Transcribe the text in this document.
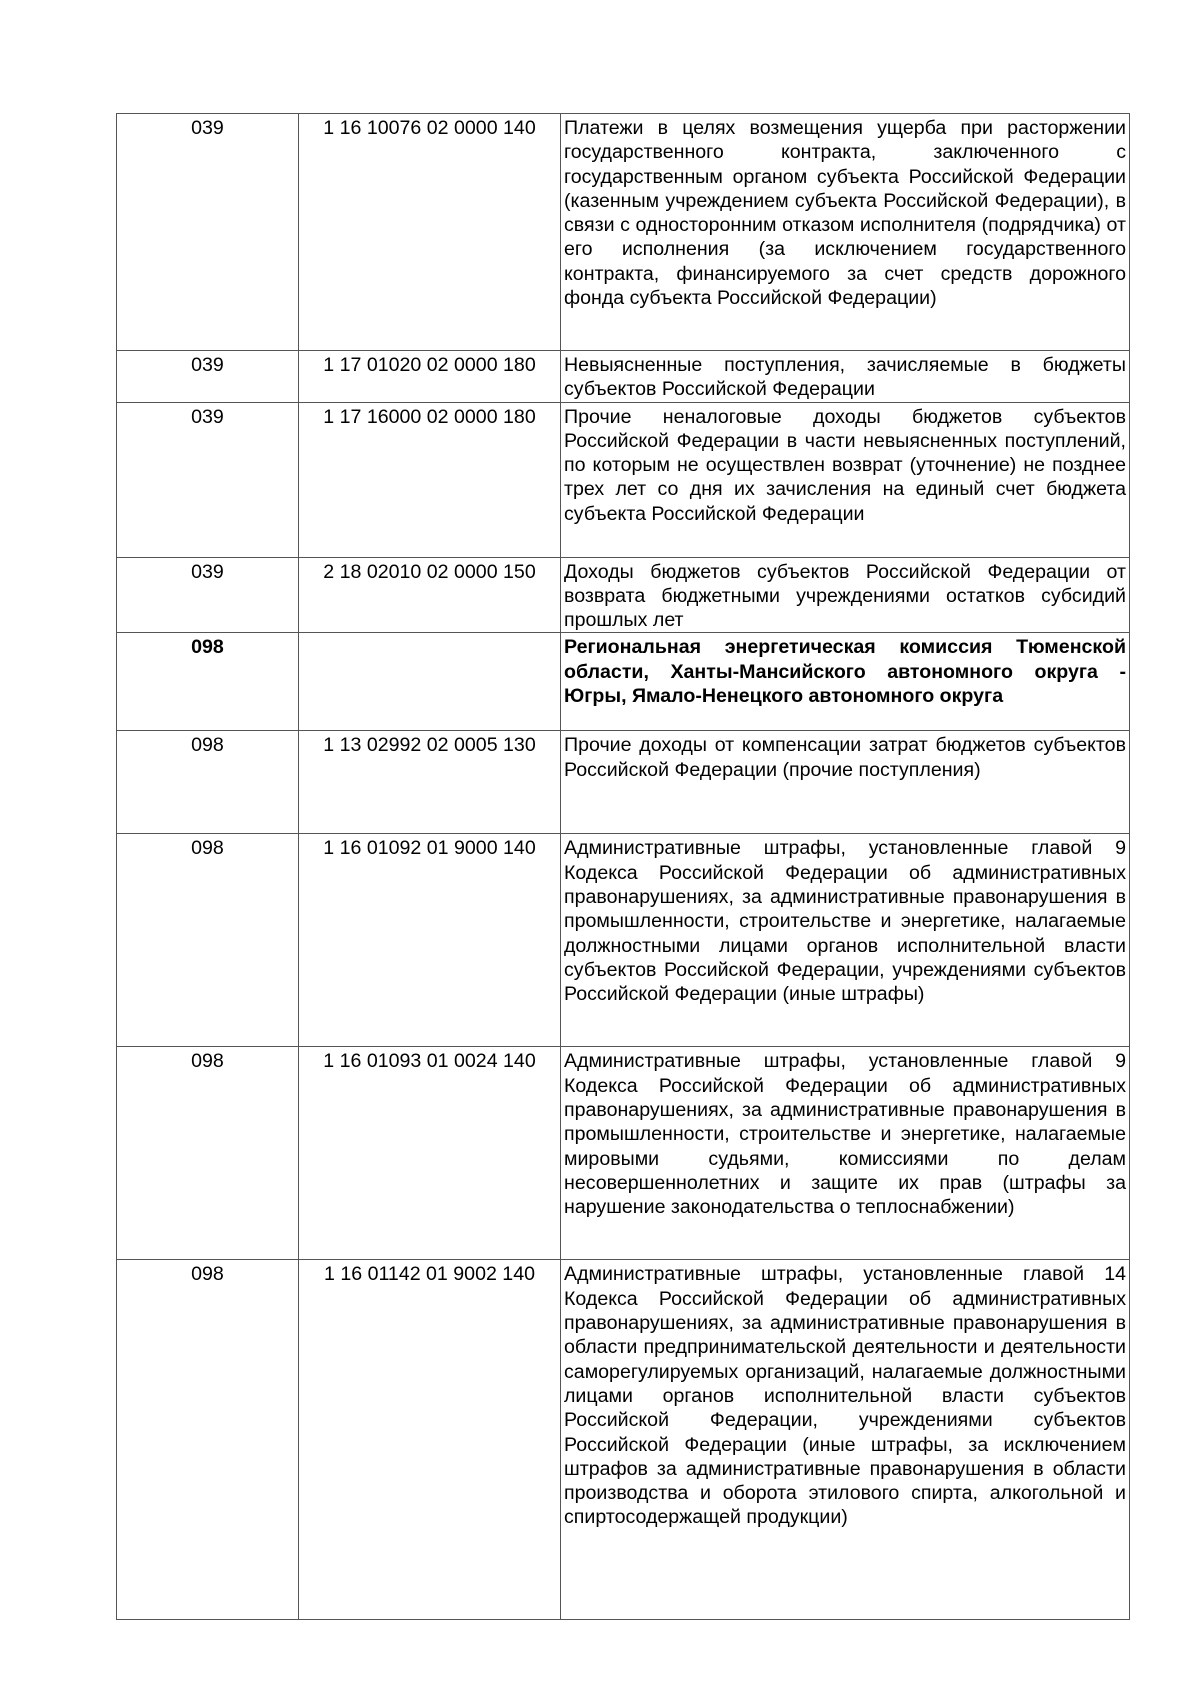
039	1 16 10076 02 0000 140	Платежи в целях возмещения ущерба при расторжении государственного контракта, заключенного с государственным органом субъекта Российской Федерации (казенным учреждением субъекта Российской Федерации), в связи с односторонним отказом исполнителя (подрядчика) от его исполнения (за исключением государственного контракта, финансируемого за счет средств дорожного фонда субъекта Российской Федерации)
039	1 17 01020 02 0000 180	Невыясненные поступления, зачисляемые в бюджеты субъектов Российской Федерации
039	1 17 16000 02 0000 180	Прочие неналоговые доходы бюджетов субъектов Российской Федерации в части невыясненных поступлений, по которым не осуществлен возврат (уточнение) не позднее трех лет со дня их зачисления на единый счет бюджета субъекта Российской Федерации
039	2 18 02010 02 0000 150	Доходы бюджетов субъектов Российской Федерации от возврата бюджетными учреждениями остатков субсидий прошлых лет
098		Региональная энергетическая комиссия Тюменской области, Ханты-Мансийского автономного округа - Югры, Ямало-Ненецкого автономного округа
098	1 13 02992 02 0005 130	Прочие доходы от компенсации затрат бюджетов субъектов Российской Федерации (прочие поступления)
098	1 16 01092 01 9000 140	Административные штрафы, установленные главой 9 Кодекса Российской Федерации об административных правонарушениях, за административные правонарушения в промышленности, строительстве и энергетике, налагаемые должностными лицами органов исполнительной власти субъектов Российской Федерации, учреждениями субъектов Российской Федерации (иные штрафы)
098	1 16 01093 01 0024 140	Административные штрафы, установленные главой 9 Кодекса Российской Федерации об административных правонарушениях, за административные правонарушения в промышленности, строительстве и энергетике, налагаемые мировыми судьями, комиссиями по делам несовершеннолетних и защите их прав (штрафы за нарушение законодательства о теплоснабжении)
098	1 16 01142 01 9002 140	Административные штрафы, установленные главой 14 Кодекса Российской Федерации об административных правонарушениях, за административные правонарушения в области предпринимательской деятельности и деятельности саморегулируемых организаций, налагаемые должностными лицами органов исполнительной власти субъектов Российской Федерации, учреждениями субъектов Российской Федерации (иные штрафы, за исключением штрафов за административные правонарушения в области производства и оборота этилового спирта, алкогольной и спиртосодержащей продукции)
